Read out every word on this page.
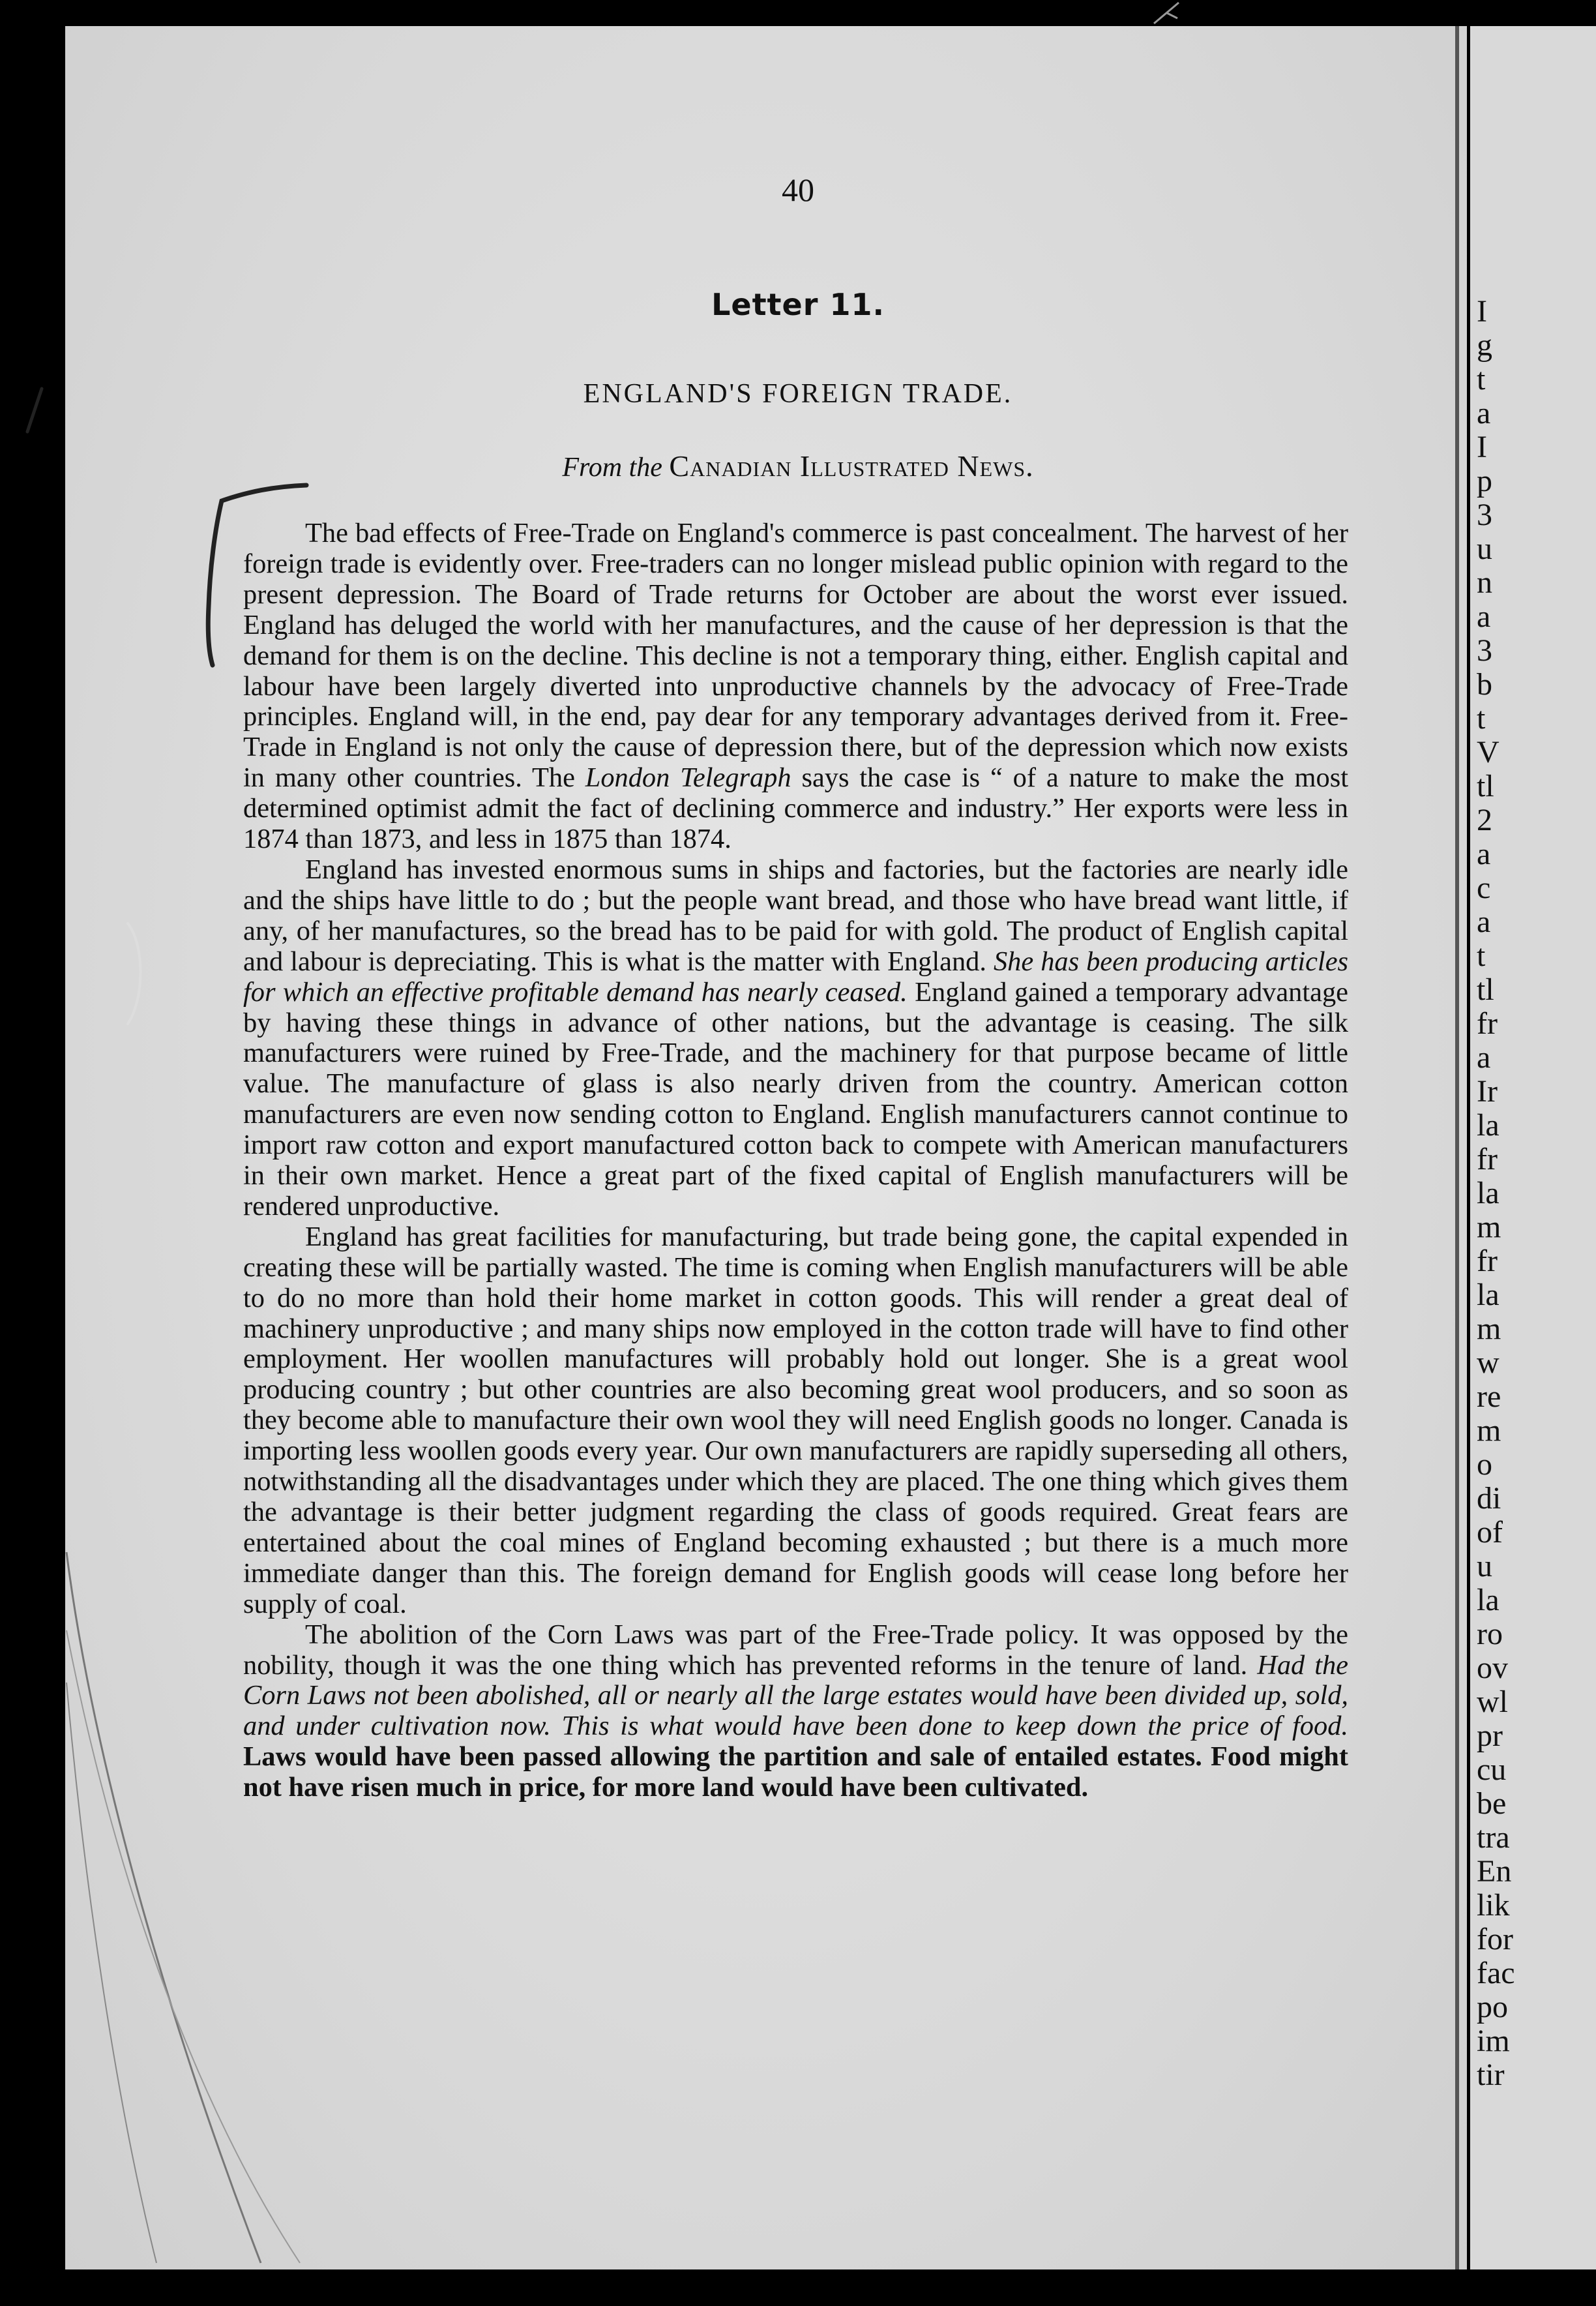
I
g
t
a
I
p
3
u
n
a
3
b
t
V
tl
2
a
c
a
t
tl
fr
a
Ir
la
fr
la
m
fr
la
m
w
re
m
o
di
of
u
la
ro
ov
wl
pr
cu
be
tra
En
lik
for
fac
po
im
tir
40
Letter 11.
ENGLAND'S FOREIGN TRADE.
From the Canadian Illustrated News.

The bad effects of Free-Trade on England's commerce is past concealment. The harvest of her foreign trade is evidently over. Free-traders can no longer mislead public opinion with regard to the present depression. The Board of Trade returns for October are about the worst ever issued. England has deluged the world with her manufactures, and the cause of her depression is that the demand for them is on the decline. This decline is not a temporary thing, either. English capital and labour have been largely diverted into unproductive channels by the advocacy of Free-Trade principles. England will, in the end, pay dear for any temporary advantages derived from it. Free-Trade in England is not only the cause of depression there, but of the depression which now exists in many other countries. The London Telegraph says the case is “ of a nature to make the most determined optimist admit the fact of declining commerce and industry.” Her exports were less in 1874 than 1873, and less in 1875 than 1874.

England has invested enormous sums in ships and factories, but the factories are nearly idle and the ships have little to do ; but the people want bread, and those who have bread want little, if any, of her manufactures, so the bread has to be paid for with gold. The product of English capital and labour is depreciating. This is what is the matter with England. She has been producing articles for which an effective profitable demand has nearly ceased. England gained a temporary advantage by having these things in advance of other nations, but the advantage is ceasing. The silk manufacturers were ruined by Free-Trade, and the machinery for that purpose became of little value. The manufacture of glass is also nearly driven from the country. American cotton manufacturers are even now sending cotton to England. English manufacturers cannot continue to import raw cotton and export manufactured cotton back to compete with American manufacturers in their own market. Hence a great part of the fixed capital of English manufacturers will be rendered unproductive.

England has great facilities for manufacturing, but trade being gone, the capital expended in creating these will be partially wasted. The time is coming when English manufacturers will be able to do no more than hold their home market in cotton goods. This will render a great deal of machinery unproductive ; and many ships now employed in the cotton trade will have to find other employment. Her woollen manufactures will probably hold out longer. She is a great wool producing country ; but other countries are also becoming great wool producers, and so soon as they become able to manufacture their own wool they will need English goods no longer. Canada is importing less woollen goods every year. Our own manufacturers are rapidly superseding all others, notwithstanding all the disadvantages under which they are placed. The one thing which gives them the advantage is their better judgment regarding the class of goods required. Great fears are entertained about the coal mines of England becoming exhausted ; but there is a much more immediate danger than this. The foreign demand for English goods will cease long before her supply of coal.

The abolition of the Corn Laws was part of the Free-Trade policy. It was opposed by the nobility, though it was the one thing which has prevented reforms in the tenure of land. Had the Corn Laws not been abolished, all or nearly all the large estates would have been divided up, sold, and under cultivation now. This is what would have been done to keep down the price of food. Laws would have been passed allowing the partition and sale of entailed estates. Food might not have risen much in price, for more land would have been cultivated.
